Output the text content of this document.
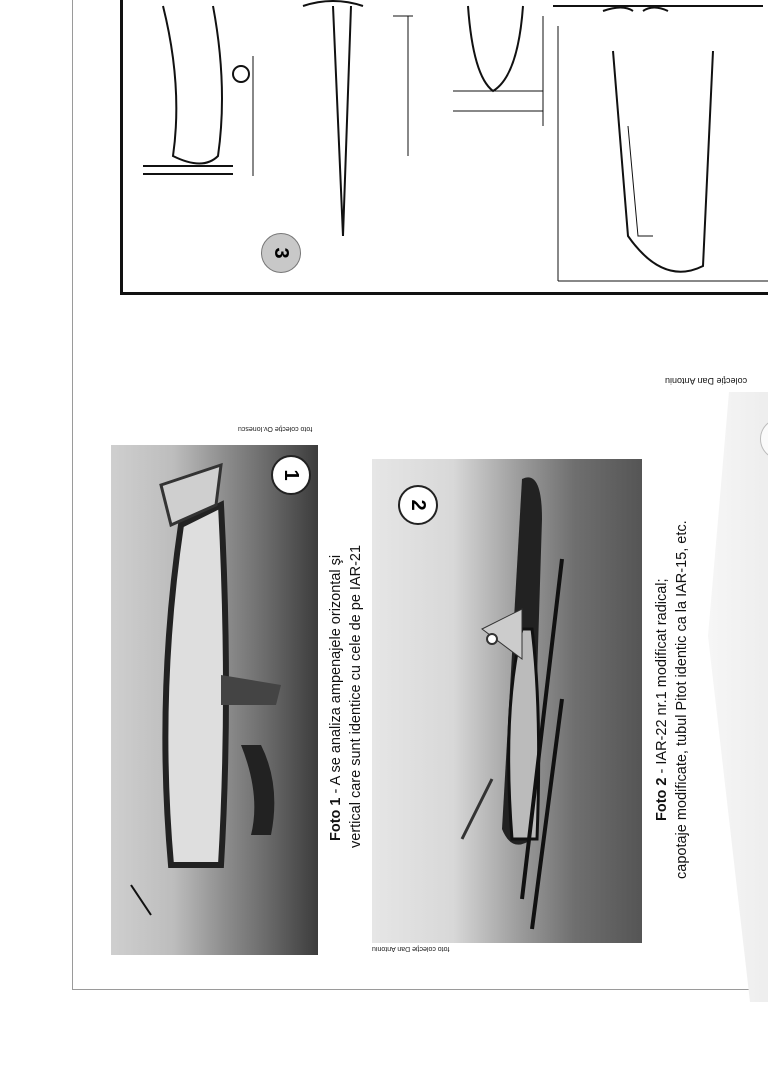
3
1
foto colecţie Ov.Ionescu
Foto 1 - A se analiza ampenajele orizontal şi vertical care sunt identice cu cele de pe IAR-21
2
foto colecţie Dan Antoniu
Foto 2 - IAR-22 nr.1 modificat radical; capotaje modificate, tubul Pitot identic ca la IAR-15, etc.
colecţie Dan Antoniu
